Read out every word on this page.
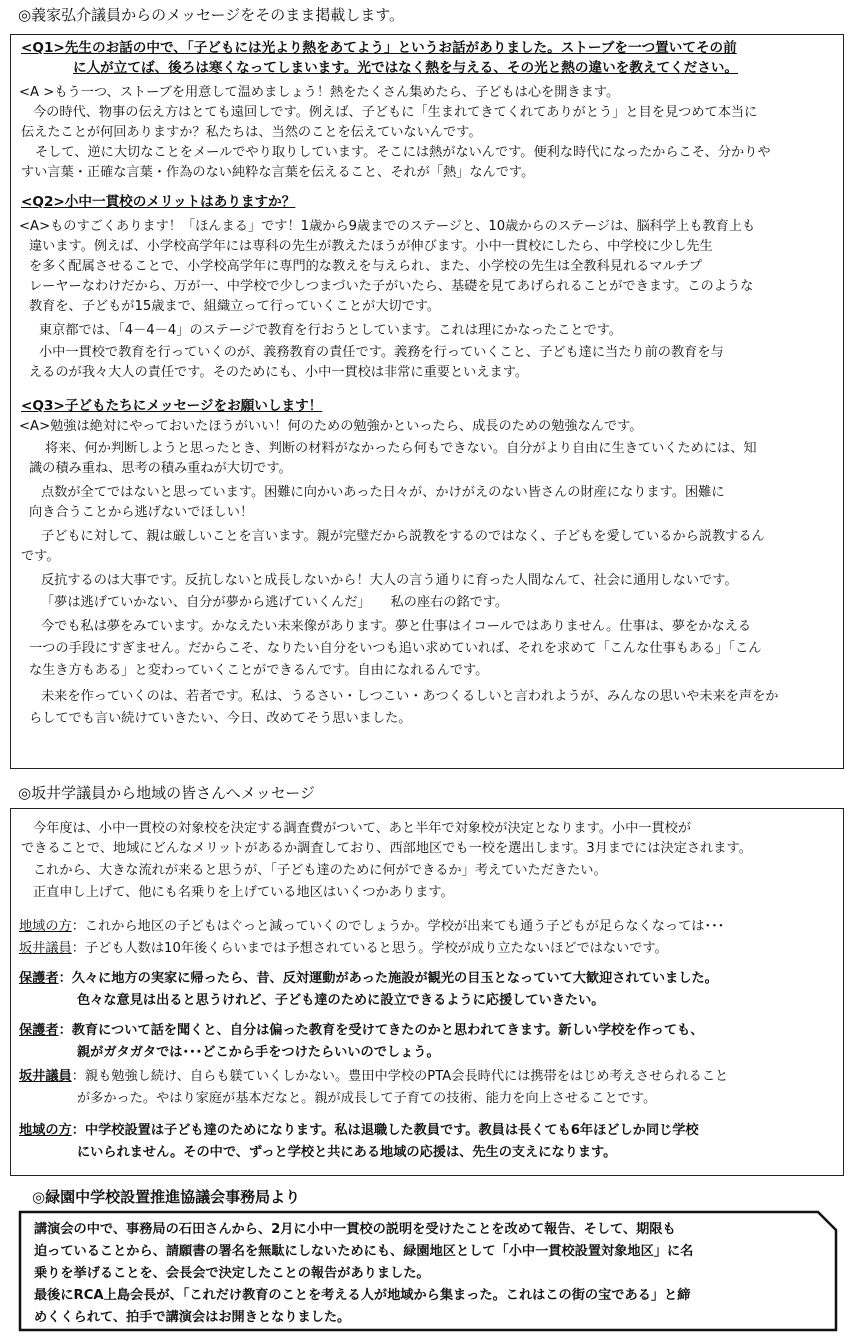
◎義家弘介議員からのメッセージをそのまま掲載します。
<Q1>先生のお話の中で、「子どもには光より熱をあてよう」というお話がありました。ストーブを一つ置いてその前
に人が立てば、後ろは寒くなってしまいます。光ではなく熱を与える、その光と熱の違いを教えてください。
<A >もう一つ、ストーブを用意して温めましょう！熱をたくさん集めたら、子どもは心を開きます。
今の時代、物事の伝え方はとても遠回しです。例えば、子どもに「生まれてきてくれてありがとう」と目を見つめて本当に
伝えたことが何回ありますか？私たちは、当然のことを伝えていないんです。
そして、逆に大切なことをメールでやり取りしています。そこには熱がないんです。便利な時代になったからこそ、分かりや
すい言葉・正確な言葉・作為のない純粋な言葉を伝えること、それが「熱」なんです。
<Q2>小中一貫校のメリットはありますか？
<A>ものすごくあります！「ほんまる」です！1歳から9歳までのステージと、10歳からのステージは、脳科学上も教育上も
違います。例えば、小学校高学年には専科の先生が教えたほうが伸びます。小中一貫校にしたら、中学校に少し先生
を多く配属させることで、小学校高学年に専門的な教えを与えられ、また、小学校の先生は全教科見れるマルチプ
レーヤーなわけだから、万が一、中学校で少しつまづいた子がいたら、基礎を見てあげられることができます。このような
教育を、子どもが15歳まで、組織立って行っていくことが大切です。
東京都では、「4－4－4」のステージで教育を行おうとしています。これは理にかなったことです。
小中一貫校で教育を行っていくのが、義務教育の責任です。義務を行っていくこと、子ども達に当たり前の教育を与
えるのが我々大人の責任です。そのためにも、小中一貫校は非常に重要といえます。
<Q3>子どもたちにメッセージをお願いします！
<A>勉強は絶対にやっておいたほうがいい！何のための勉強かといったら、成長のための勉強なんです。
将来、何か判断しようと思ったとき、判断の材料がなかったら何もできない。自分がより自由に生きていくためには、知
識の積み重ね、思考の積み重ねが大切です。
点数が全てではないと思っています。困難に向かいあった日々が、かけがえのない皆さんの財産になります。困難に
向き合うことから逃げないでほしい！
子どもに対して、親は厳しいことを言います。親が完璧だから説教をするのではなく、子どもを愛しているから説教するん
です。
反抗するのは大事です。反抗しないと成長しないから！大人の言う通りに育った人間なんて、社会に通用しないです。
「夢は逃げていかない、自分が夢から逃げていくんだ」　　私の座右の銘です。
今でも私は夢をみています。かなえたい未来像があります。夢と仕事はイコールではありません。仕事は、夢をかなえる
一つの手段にすぎません。だからこそ、なりたい自分をいつも追い求めていれば、それを求めて「こんな仕事もある」「こん
な生き方もある」と変わっていくことができるんです。自由になれるんです。
未来を作っていくのは、若者です。私は、うるさい・しつこい・あつくるしいと言われようが、みんなの思いや未来を声をか
らしてでも言い続けていきたい、今日、改めてそう思いました。
◎坂井学議員から地域の皆さんへメッセージ
今年度は、小中一貫校の対象校を決定する調査費がついて、あと半年で対象校が決定となります。小中一貫校が
できることで、地域にどんなメリットがあるか調査しており、西部地区でも一校を選出します。3月までには決定されます。
これから、大きな流れが来ると思うが、「子ども達のために何ができるか」考えていただきたい。
正直申し上げて、他にも名乗りを上げている地区はいくつかあります。
地域の方：これから地区の子どもはぐっと減っていくのでしょうか。学校が出来ても通う子どもが足らなくなっては･･･
坂井議員：子ども人数は10年後くらいまでは予想されていると思う。学校が成り立たないほどではないです。
保護者：久々に地方の実家に帰ったら、昔、反対運動があった施設が観光の目玉となっていて大歓迎されていました。
色々な意見は出ると思うけれど、子ども達のために設立できるように応援していきたい。
保護者：教育について話を聞くと、自分は偏った教育を受けてきたのかと思われてきます。新しい学校を作っても、
親がガタガタでは･･･どこから手をつけたらいいのでしょう。
坂井議員：親も勉強し続け、自らも躾ていくしかない。豊田中学校のPTA会長時代には携帯をはじめ考えさせられること
が多かった。やはり家庭が基本だなと。親が成長して子育ての技術、能力を向上させることです。
地域の方：中学校設置は子ども達のためになります。私は退職した教員です。教員は長くても6年ほどしか同じ学校
にいられません。その中で、ずっと学校と共にある地域の応援は、先生の支えになります。
◎緑園中学校設置推進協議会事務局より
講演会の中で、事務局の石田さんから、2月に小中一貫校の説明を受けたことを改めて報告、そして、期限も
迫っていることから、請願書の署名を無駄にしないためにも、緑園地区として「小中一貫校設置対象地区」に名
乗りを挙げることを、会長会で決定したことの報告がありました。
最後にRCA上島会長が、「これだけ教育のことを考える人が地域から集まった。これはこの街の宝である」と締
めくくられて、拍手で講演会はお開きとなりました。
